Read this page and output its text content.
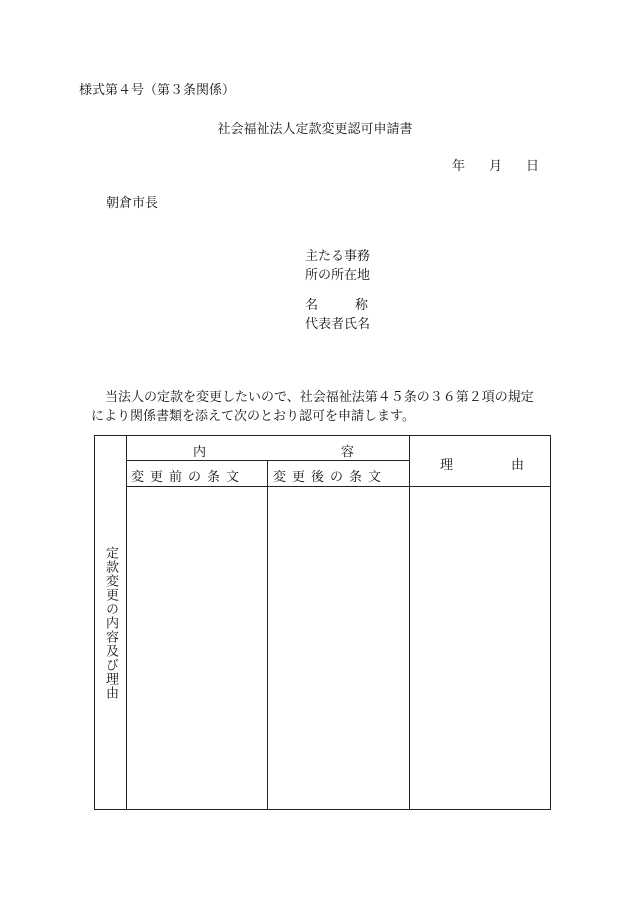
様式第４号（第３条関係）
社会福祉法人定款変更認可申請書
年 月 日
朝倉市長
主たる事務
所の所在地
名	称
代表者氏名
当法人の定款を変更したいので、社会福祉法第４５条の３６第２項の規定
により関係書類を添えて次のとおり認可を申請します。
定款変更の内容及び理由
内	容
変更前の条文 変更後の条文
理	由
